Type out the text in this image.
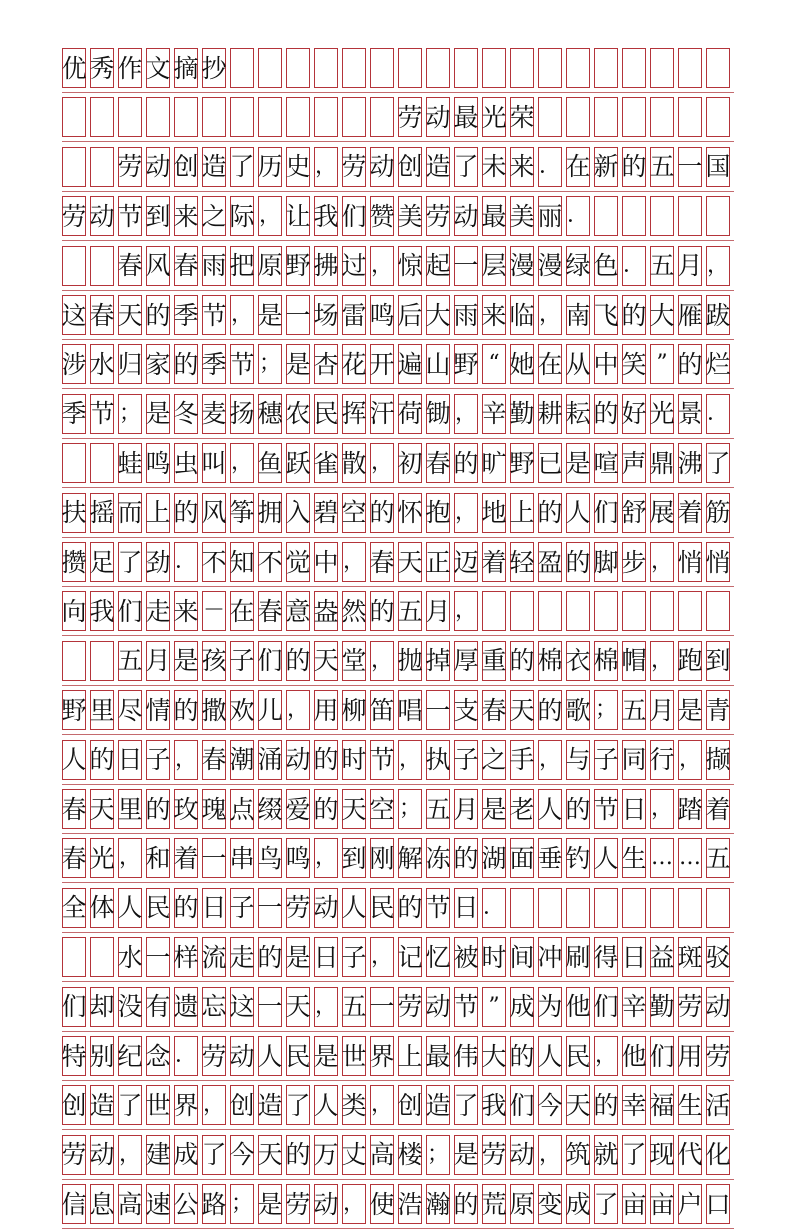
优 秀 作 文 摘 抄
劳 动 最 光 荣
劳 动 创 造 了 历 史 ， 劳 动 创 造 了 未 来 ． 在 新 的 五 一 国
劳 动 节 到 来 之 际 ， 让 我 们 赞 美 劳 动 最 美 丽 ．
春 风 春 雨 把 原 野 拂 过 ， 惊 起 一 层 漫 漫 绿 色 ． 五 月 ，
这 春 天 的 季 节 ， 是 一 场 雷 鸣 后 大 雨 来 临 ， 南 飞 的 大 雁 跋
涉 水 归 家 的 季 节 ； 是 杏 花 开 遍 山 野 “ 她 在 从 中 笑 ” 的 烂
季 节 ； 是 冬 麦 扬 穗 农 民 挥 汗 荷 锄 ， 辛 勤 耕 耘 的 好 光 景 ．
蛙 鸣 虫 叫 ， 鱼 跃 雀 散 ， 初 春 的 旷 野 已 是 喧 声 鼎 沸 了
扶 摇 而 上 的 风 筝 拥 入 碧 空 的 怀 抱 ， 地 上 的 人 们 舒 展 着 筋
攒 足 了 劲 ． 不 知 不 觉 中 ， 春 天 正 迈 着 轻 盈 的 脚 步 ， 悄 悄
向 我 们 走 来 － 在 春 意 盎 然 的 五 月 ，
五 月 是 孩 子 们 的 天 堂 ， 抛 掉 厚 重 的 棉 衣 棉 帽 ， 跑 到
野 里 尽 情 的 撒 欢 儿 ， 用 柳 笛 唱 一 支 春 天 的 歌 ； 五 月 是 青
人 的 日 子 ， 春 潮 涌 动 的 时 节 ， 执 子 之 手 ， 与 子 同 行 ， 撷
春 天 里 的 玫 瑰 点 缀 爱 的 天 空 ； 五 月 是 老 人 的 节 日 ， 踏 着
春 光 ， 和 着 一 串 鸟 鸣 ， 到 刚 解 冻 的 湖 面 垂 钓 人 生 … … 五
全 体 人 民 的 日 子 一 劳 动 人 民 的 节 日 ．
水 一 样 流 走 的 是 日 子 ， 记 忆 被 时 间 冲 刷 得 日 益 斑 驳
们 却 没 有 遗 忘 这 一 天 ， 五 一 劳 动 节 ” 成 为 他 们 辛 勤 劳 动
特 别 纪 念 ． 劳 动 人 民 是 世 界 上 最 伟 大 的 人 民 ， 他 们 用 劳
创 造 了 世 界 ， 创 造 了 人 类 ， 创 造 了 我 们 今 天 的 幸 福 生 活
劳 动 ， 建 成 了 今 天 的 万 丈 高 楼 ； 是 劳 动 ， 筑 就 了 现 代 化
信 息 高 速 公 路 ； 是 劳 动 ， 使 浩 瀚 的 荒 原 变 成 了 亩 亩 户 口
